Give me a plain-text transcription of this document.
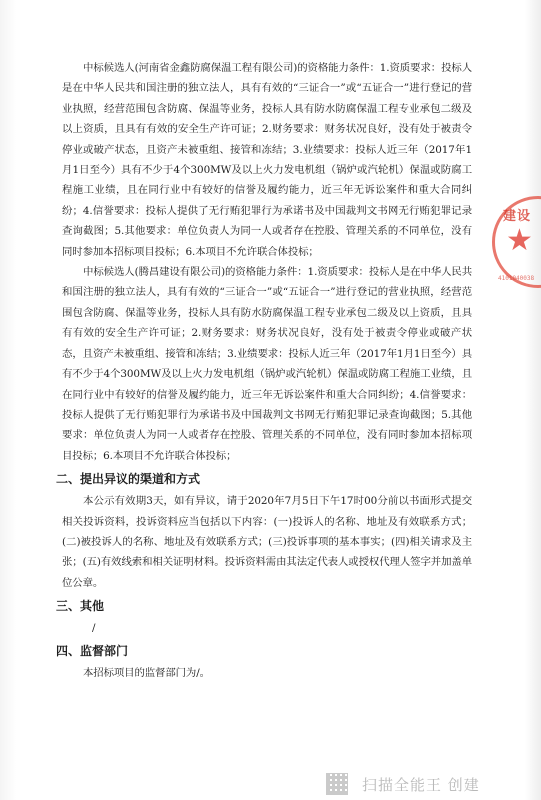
中标候选人(河南省金鑫防腐保温工程有限公司)的资格能力条件：1.资质要求：投标人是在中华人民共和国注册的独立法人，具有有效的“三证合一”或“五证合一”进行登记的营业执照，经营范围包含防腐、保温等业务，投标人具有防水防腐保温工程专业承包二级及以上资质，且具有有效的安全生产许可证；2.财务要求：财务状况良好，没有处于被责令停业或破产状态，且资产未被重组、接管和冻结；3.业绩要求：投标人近三年（2017年1月1日至今）具有不少于4个300MW及以上火力发电机组（锅炉或汽轮机）保温或防腐工程施工业绩，且在同行业中有较好的信誉及履约能力，近三年无诉讼案件和重大合同纠纷；4.信誉要求：投标人提供了无行贿犯罪行为承诺书及中国裁判文书网无行贿犯罪记录查询截图；5.其他要求：单位负责人为同一人或者存在控股、管理关系的不同单位，没有同时参加本招标项目投标；6.本项目不允许联合体投标；

中标候选人(腾昌建设有限公司)的资格能力条件：1.资质要求：投标人是在中华人民共和国注册的独立法人，具有有效的“三证合一”或“五证合一”进行登记的营业执照，经营范围包含防腐、保温等业务，投标人具有防水防腐保温工程专业承包二级及以上资质，且具有有效的安全生产许可证；2.财务要求：财务状况良好，没有处于被责令停业或破产状态，且资产未被重组、接管和冻结；3.业绩要求：投标人近三年（2017年1月1日至今）具有不少于4个300MW及以上火力发电机组（锅炉或汽轮机）保温或防腐工程施工业绩，且在同行业中有较好的信誉及履约能力，近三年无诉讼案件和重大合同纠纷；4.信誉要求：投标人提供了无行贿犯罪行为承诺书及中国裁判文书网无行贿犯罪记录查询截图；5.其他要求：单位负责人为同一人或者存在控股、管理关系的不同单位，没有同时参加本招标项目投标；6.本项目不允许联合体投标；

二、提出异议的渠道和方式

本公示有效期3天，如有异议，请于2020年7月5日下午17时00分前以书面形式提交相关投诉资料，投诉资料应当包括以下内容：(一)投诉人的名称、地址及有效联系方式；(二)被投诉人的名称、地址及有效联系方式；(三)投诉事项的基本事实；(四)相关请求及主张；(五)有效线索和相关证明材料。投诉资料需由其法定代表人或授权代理人签字并加盖单位公章。

三、其他
/
四、监督部门

本招标项目的监督部门为/。

建设
★
4101040038
扫描全能王 创建
